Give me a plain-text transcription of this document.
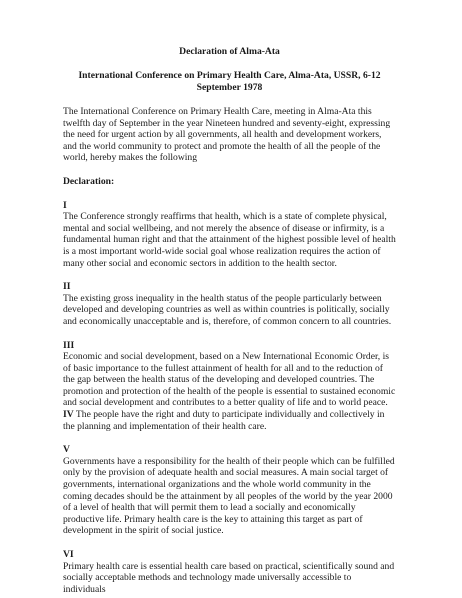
Declaration of Alma-Ata

International Conference on Primary Health Care, Alma-Ata, USSR, 6-12 September 1978

The International Conference on Primary Health Care, meeting in Alma-Ata this twelfth day of September in the year Nineteen hundred and seventy-eight, expressing the need for urgent action by all governments, all health and development workers, and the world community to protect and promote the health of all the people of the world, hereby makes the following

Declaration:

I

The Conference strongly reaffirms that health, which is a state of complete physical, mental and social wellbeing, and not merely the absence of disease or infirmity, is a fundamental human right and that the attainment of the highest possible level of health is a most important world-wide social goal whose realization requires the action of many other social and economic sectors in addition to the health sector.

II

The existing gross inequality in the health status of the people particularly between developed and developing countries as well as within countries is politically, socially and economically unacceptable and is, therefore, of common concern to all countries.

III

Economic and social development, based on a New International Economic Order, is of basic importance to the fullest attainment of health for all and to the reduction of the gap between the health status of the developing and developed countries. The promotion and protection of the health of the people is essential to sustained economic and social development and contributes to a better quality of life and to world peace. IV The people have the right and duty to participate individually and collectively in the planning and implementation of their health care.

V

Governments have a responsibility for the health of their people which can be fulfilled only by the provision of adequate health and social measures. A main social target of governments, international organizations and the whole world community in the coming decades should be the attainment by all peoples of the world by the year 2000 of a level of health that will permit them to lead a socially and economically productive life. Primary health care is the key to attaining this target as part of development in the spirit of social justice.

VI

Primary health care is essential health care based on practical, scientifically sound and socially acceptable methods and technology made universally accessible to individuals
